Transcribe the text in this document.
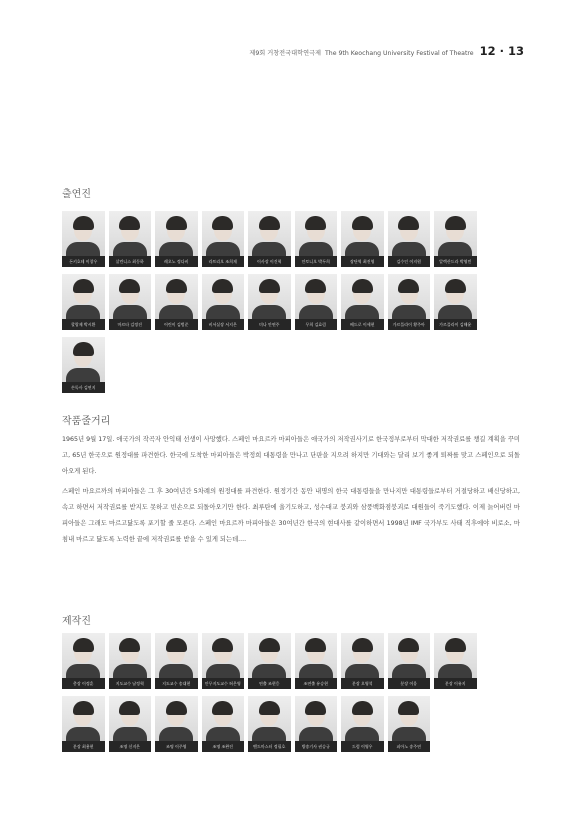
제9회 거창전국대학연극제 The 9th Keochang University Festival of Theatre 12 · 13
출연진
돈키호테 이창우	살린니스 최동하	레오노 정다비	라트리오 조희재	이사장 이건혁	안토니오 박두희	장단역 최진영	김수인 이지원	알렉산드라 박영민
할랑제 박시환	마르타 김정진	어린이 김범준	비서실장 서지은	미나 안연주	무희 김효림	베드로 이세현	가르플라이 황주아	가르플라이 김해윤
손독사 김연지
작품줄거리

1965년 9월 17일. 애국가의 작곡자 안익태 선생이 사망했다. 스페인 마요르카 마피아들은 애국가의 저작권사기로 한국정부로부터 막대한 저작권료를 챙길 계획을 꾸미고, 65년 한국으로 원정대를 파견한다. 한국에 도착한 마피아들은 박정희 대통령을 만나고 단판을 지으려 하지만 기대와는 달리 보기 좋게 퇴짜를 맞고 스페인으로 되돌아오게 된다.

스페인 마요르까의 마피아들은 그 후 30여년간 5차례의 원정대를 파견한다. 원정기간 동안 내명의 한국 대통령들을 만나지만 대통령들로부터 거절당하고 배신당하고, 속고 하면서 저작권료를 받지도 못하고 빈손으로 되돌아오기만 한다. 최루탄에 울기도하고, 성수대교 붕괴와 삼풍백화점붕괴로 대원들이 죽기도했다. 이제 늙어버린 마피아들은 그래도 마르고닳도록 포기할 줄 모른다. 스페인 마요르까 마피아들은 30여년간 한국의 현대사를 같이하면서 1998년 IMF 국가부도 사태 직후에야 비로소, 마침내 마르고 닳도록 노력한 끝에 저작권료를 받을 수 있게 되는데....

제작진
총장 이정훈	지도교수 남정혁	지도교수 송대현	안무지도교수 허은영	연출 조현응	조연출 유승현	분장 오영석	분장 이융	분장 이유지
분장 최용현	조명 신지은	조명 이주영	조명 조완진	밴드마스터 정필호	방송기사 권승규	드럼 이영우	피아노 송주연
